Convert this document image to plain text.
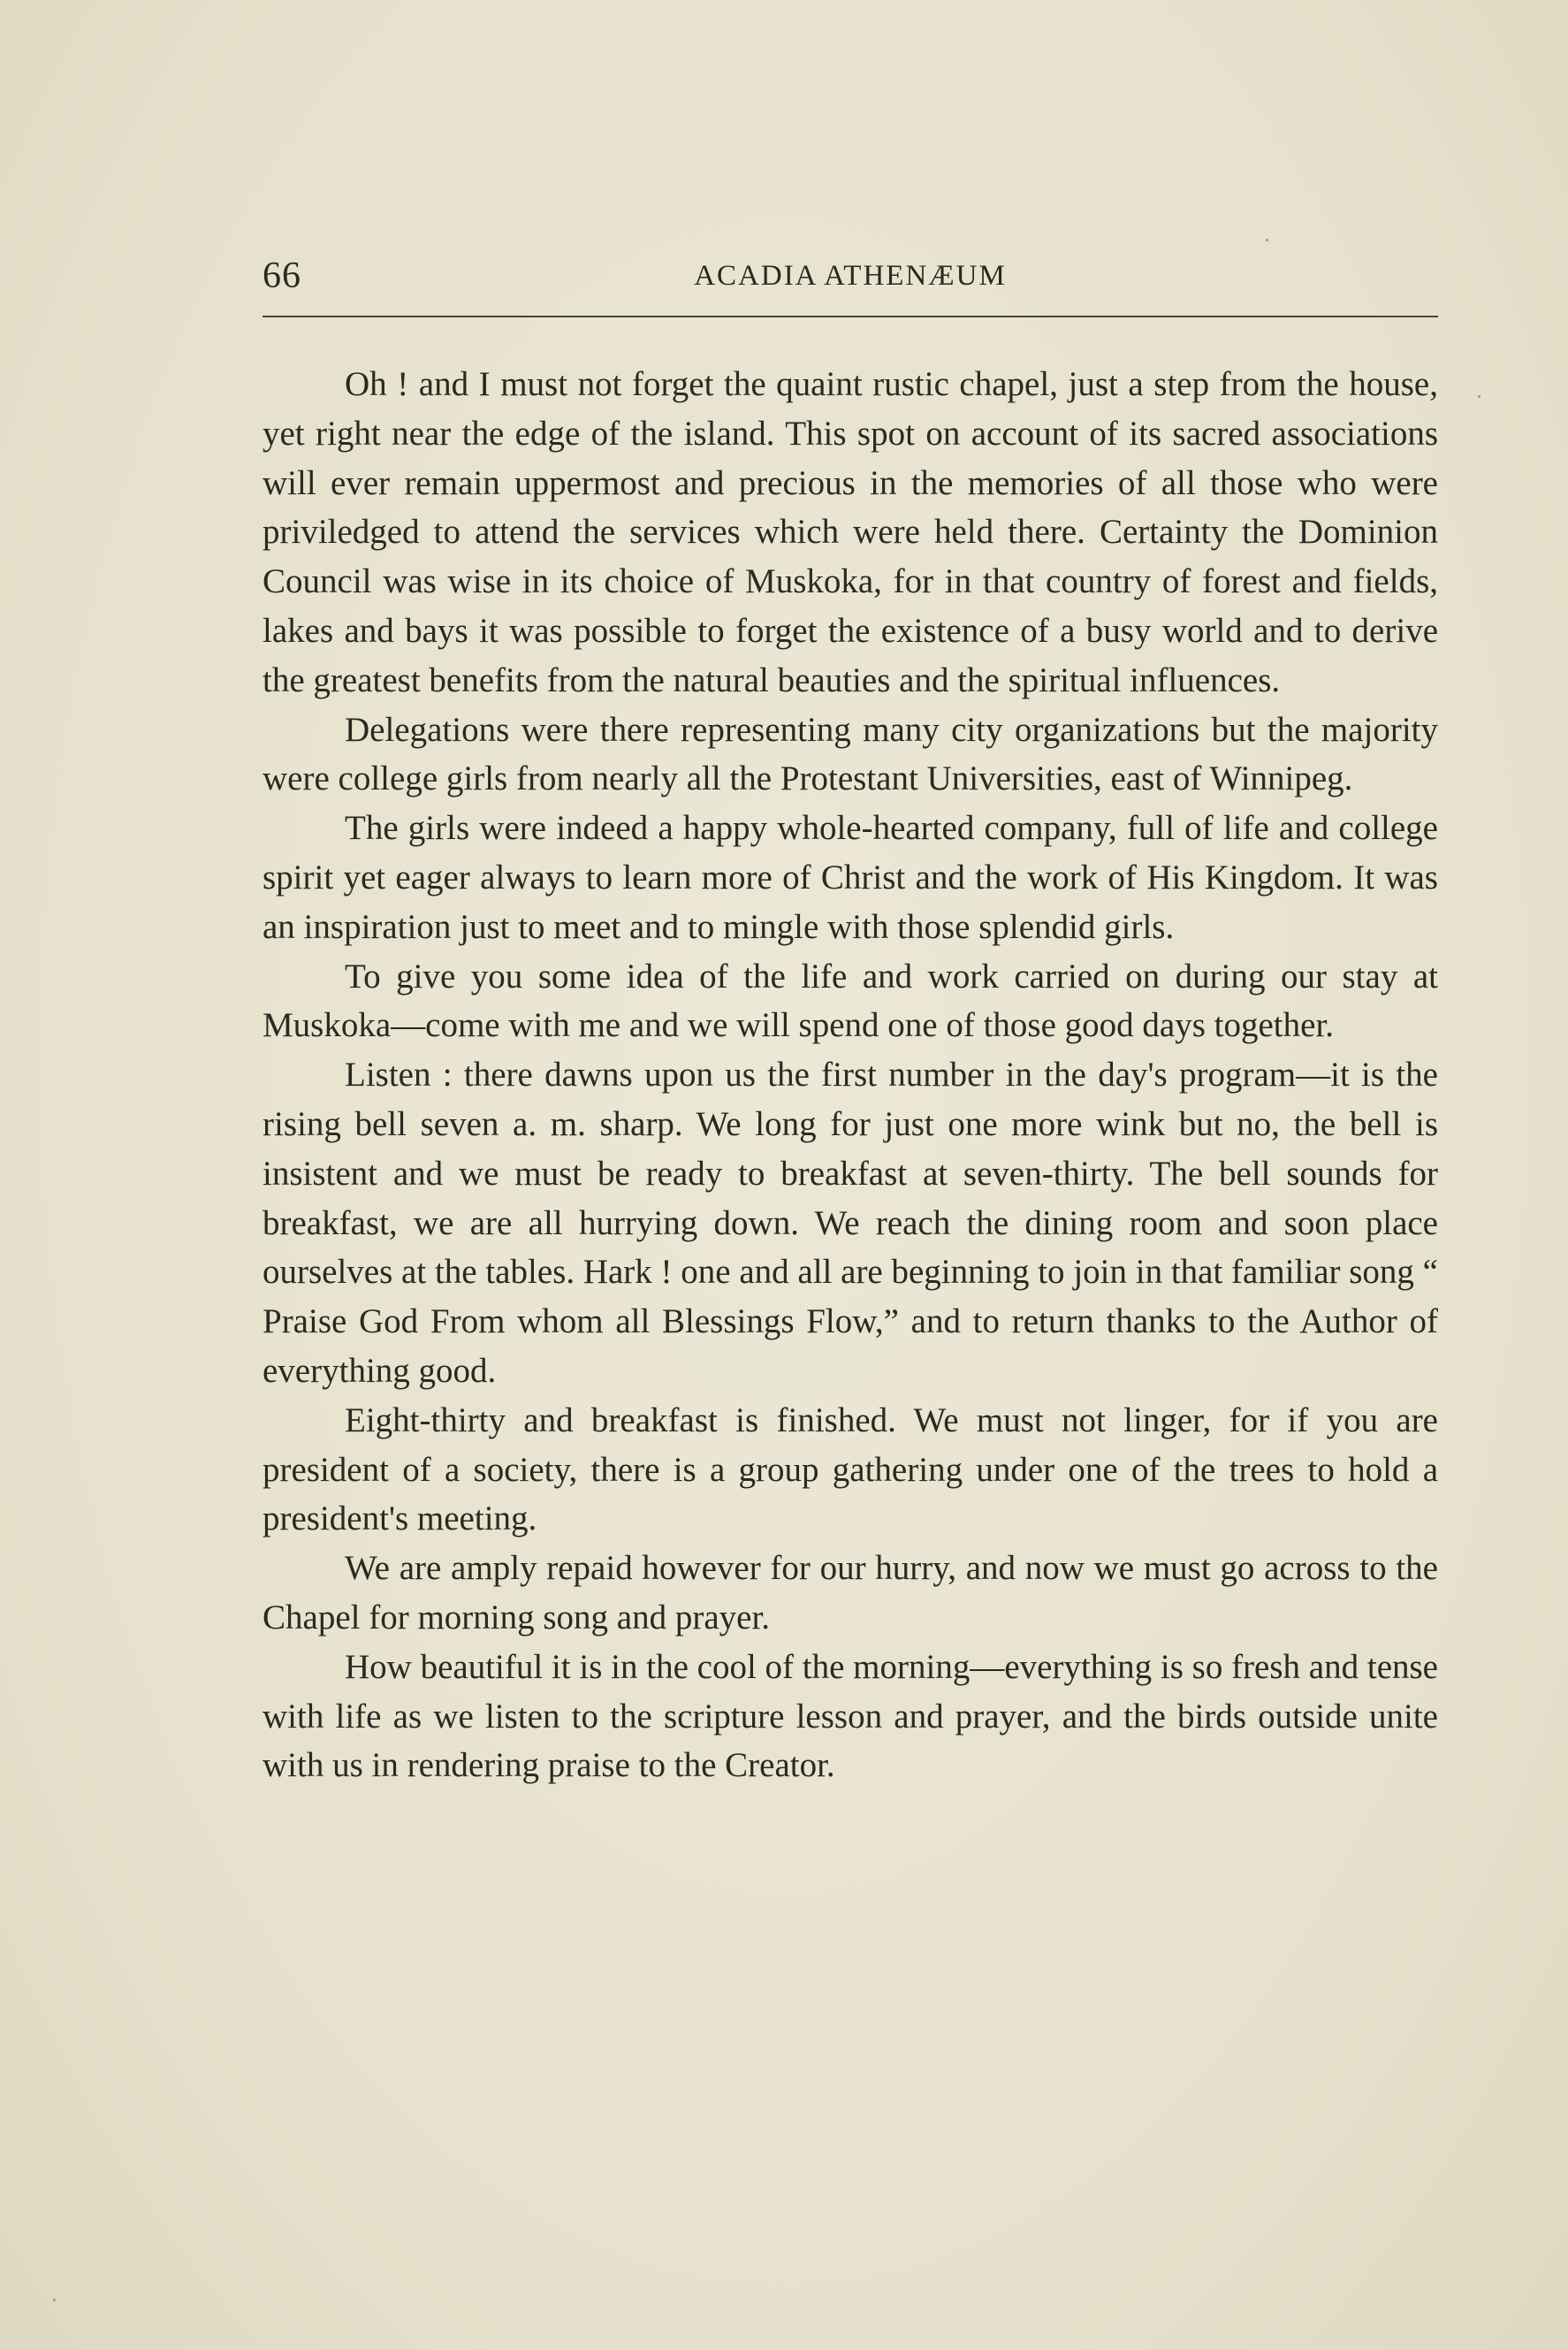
66	ACADIA ATHENÆUM

Oh ! and I must not forget the quaint rustic chapel, just a step from the house, yet right near the edge of the island. This spot on account of its sacred associations will ever remain uppermost and precious in the memories of all those who were priviledged to attend the services which were held there. Certainty the Dominion Council was wise in its choice of Muskoka, for in that country of forest and fields, lakes and bays it was possible to forget the existence of a busy world and to derive the greatest benefits from the natural beauties and the spiritual influences.

Delegations were there representing many city organizations but the majority were college girls from nearly all the Protestant Universities, east of Winnipeg.

The girls were indeed a happy whole-hearted company, full of life and college spirit yet eager always to learn more of Christ and the work of His Kingdom. It was an inspiration just to meet and to mingle with those splendid girls.

To give you some idea of the life and work carried on during our stay at Muskoka—come with me and we will spend one of those good days together.

Listen : there dawns upon us the first number in the day's program—it is the rising bell seven a. m. sharp. We long for just one more wink but no, the bell is insistent and we must be ready to breakfast at seven-thirty. The bell sounds for breakfast, we are all hurrying down. We reach the dining room and soon place ourselves at the tables. Hark ! one and all are beginning to join in that familiar song “ Praise God From whom all Blessings Flow,” and to return thanks to the Author of everything good.

Eight-thirty and breakfast is finished. We must not linger, for if you are president of a society, there is a group gathering under one of the trees to hold a president's meeting.

We are amply repaid however for our hurry, and now we must go across to the Chapel for morning song and prayer.

How beautiful it is in the cool of the morning—everything is so fresh and tense with life as we listen to the scripture lesson and prayer, and the birds outside unite with us in rendering praise to the Creator.
